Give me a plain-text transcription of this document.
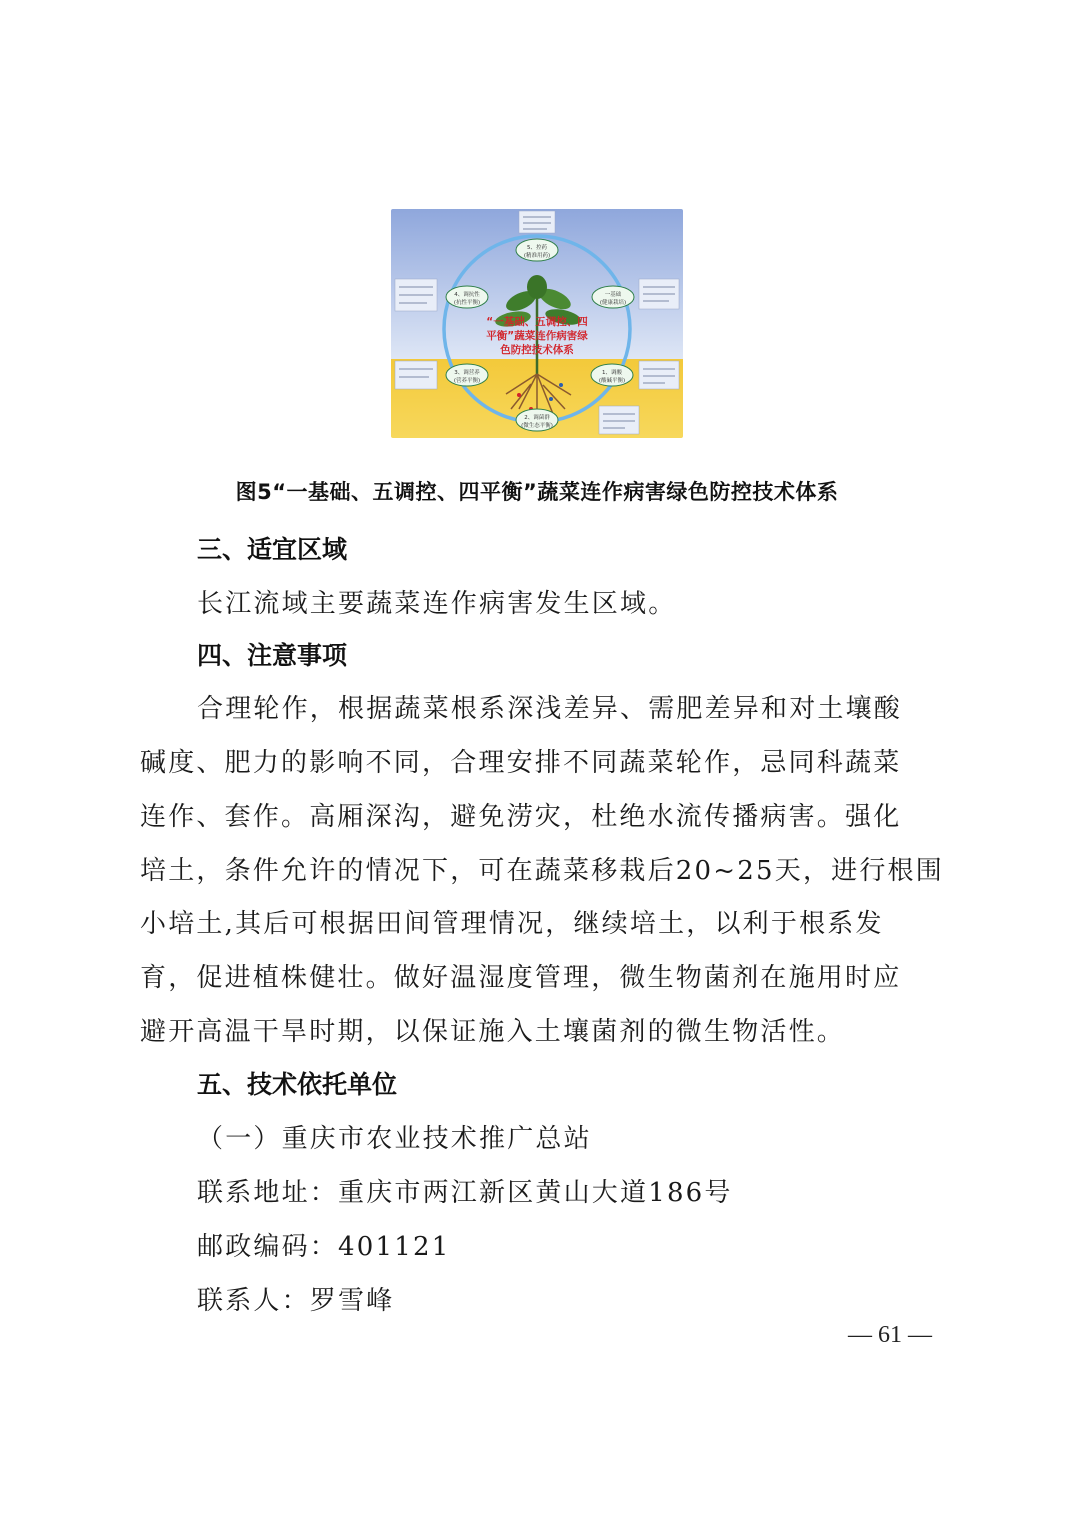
“一基础、五调控、四
平衡”蔬菜连作病害绿
色防控技术体系
5、控药
(精准用药)
一基础
(健康栽培)
1、调酸
(酸碱平衡)
2、调菌群
(微生态平衡)
3、调营养
(营养平衡)
4、调抗性
(抗性平衡)
图5“一基础、五调控、四平衡”蔬菜连作病害绿色防控技术体系
三、适宜区域
长江流域主要蔬菜连作病害发生区域。
四、注意事项
合理轮作，根据蔬菜根系深浅差异、需肥差异和对土壤酸
碱度、肥力的影响不同，合理安排不同蔬菜轮作，忌同科蔬菜
连作、套作。高厢深沟，避免涝灾，杜绝水流传播病害。强化
培土，条件允许的情况下，可在蔬菜移栽后20~25天，进行根围
小培土,其后可根据田间管理情况，继续培土，以利于根系发
育，促进植株健壮。做好温湿度管理，微生物菌剂在施用时应
避开高温干旱时期，以保证施入土壤菌剂的微生物活性。
五、技术依托单位
（一）重庆市农业技术推广总站
联系地址：重庆市两江新区黄山大道186号
邮政编码：401121
联系人：罗雪峰
— 61 —
